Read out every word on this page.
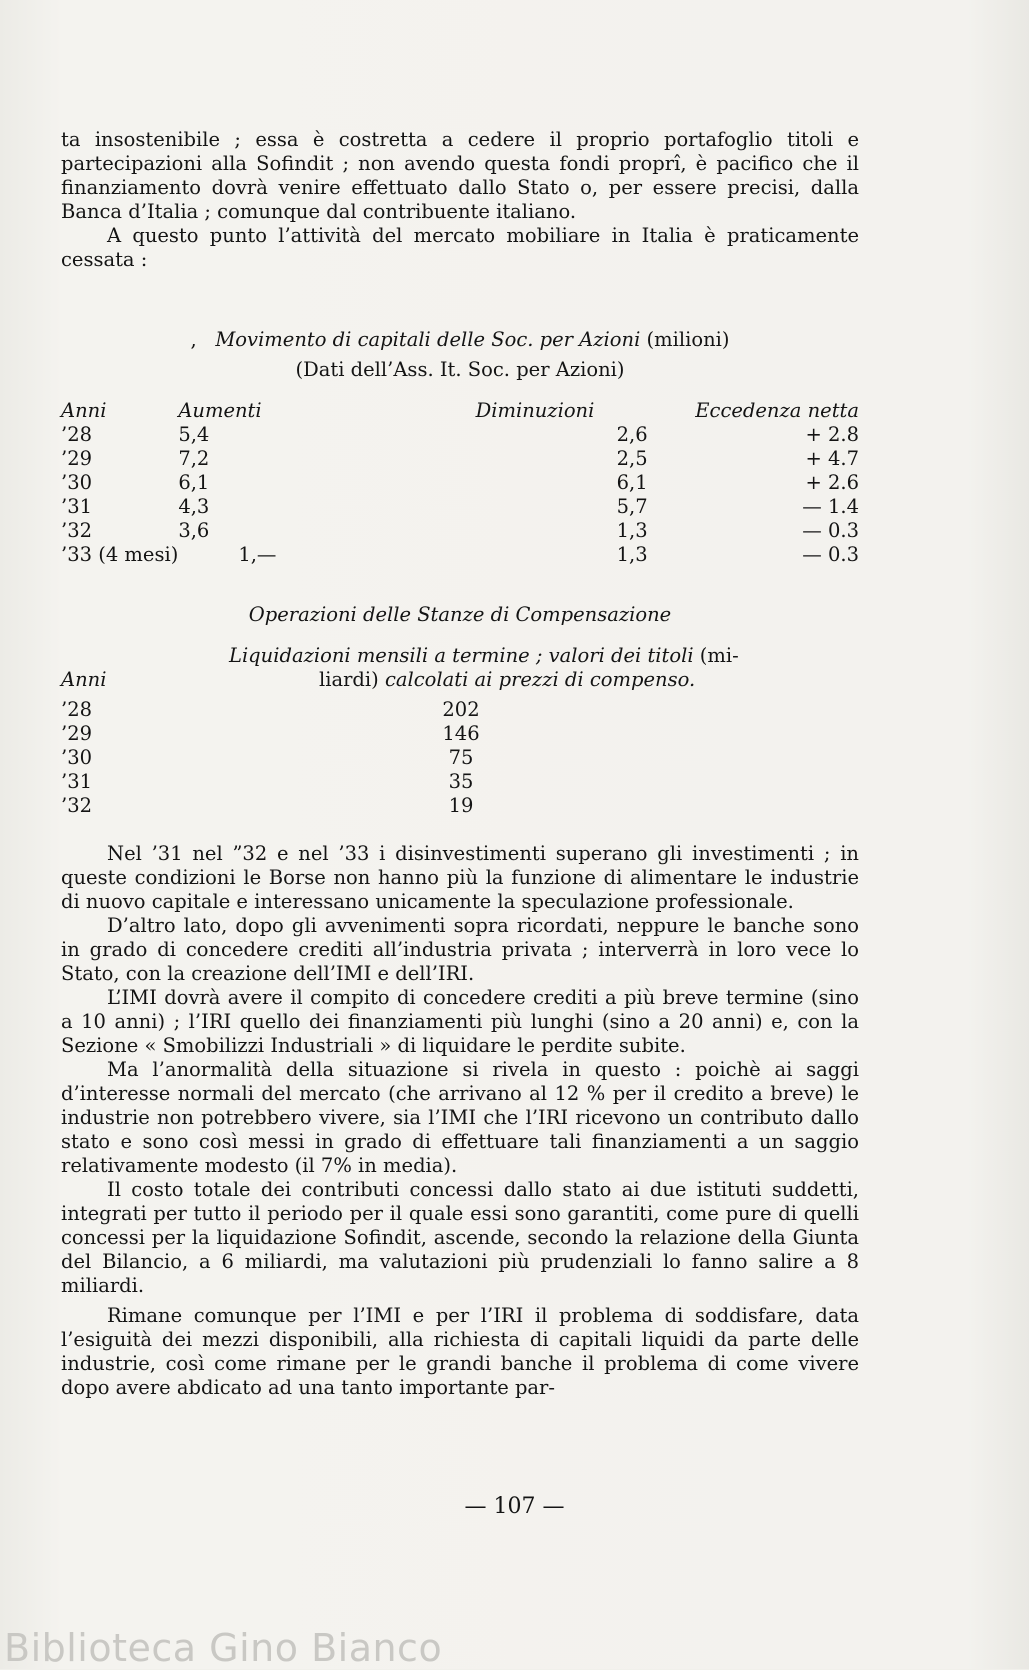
ta insostenibile ; essa è costretta a cedere il proprio portafoglio titoli e partecipazioni alla Sofindit ; non avendo questa fondi proprî, è pacifico che il finanziamento dovrà venire effettuato dallo Stato o, per essere precisi, dalla Banca d’Italia ; comunque dal contribuente italiano.

A questo punto l’attività del mercato mobiliare in Italia è praticamente cessata :

, Movimento di capitali delle Soc. per Azioni (milioni)
(Dati dell’Ass. It. Soc. per Azioni)
Anni	Aumenti	Diminuzioni	Eccedenza netta
’28	5,4	2,6	+ 2.8
’29	7,2	2,5	+ 4.7
’30	6,1	6,1	+ 2.6
’31	4,3	5,7	— 1.4
’32	3,6	1,3	— 0.3
’33 (4 mesi)	1,—	1,3	— 0.3
Operazioni delle Stanze di Compensazione
Liquidazioni mensili a termine ; valori dei titoli (mi-
Anni	liardi) calcolati ai prezzi di compenso.
’28	202
’29	146
’30	75
’31	35
’32	19

Nel ’31 nel ”32 e nel ’33 i disinvestimenti superano gli investimenti ; in queste condizioni le Borse non hanno più la funzione di alimentare le industrie di nuovo capitale e interessano unicamente la speculazione professionale.

D’altro lato, dopo gli avvenimenti sopra ricordati, neppure le banche sono in grado di concedere crediti all’industria privata ; interverrà in loro vece lo Stato, con la creazione dell’IMI e dell’IRI.

L’IMI dovrà avere il compito di concedere crediti a più breve termine (sino a 10 anni) ; l’IRI quello dei finanziamenti più lunghi (sino a 20 anni) e, con la Sezione « Smobilizzi Industriali » di liquidare le perdite subite.

Ma l’anormalità della situazione si rivela in questo : poichè ai saggi d’interesse normali del mercato (che arrivano al 12 % per il credito a breve) le industrie non potrebbero vivere, sia l’IMI che l’IRI ricevono un contributo dallo stato e sono così messi in grado di effettuare tali finanziamenti a un saggio relativamente modesto (il 7% in media).

Il costo totale dei contributi concessi dallo stato ai due istituti suddetti, integrati per tutto il periodo per il quale essi sono garantiti, come pure di quelli concessi per la liquidazione Sofindit, ascende, secondo la relazione della Giunta del Bilancio, a 6 miliardi, ma valutazioni più prudenziali lo fanno salire a 8 miliardi.

Rimane comunque per l’IMI e per l’IRI il problema di soddisfare, data l’esiguità dei mezzi disponibili, alla richiesta di capitali liquidi da parte delle industrie, così come rimane per le grandi banche il problema di come vivere dopo avere abdicato ad una tanto importante par-

— 107 —
Biblioteca Gino Bianco
